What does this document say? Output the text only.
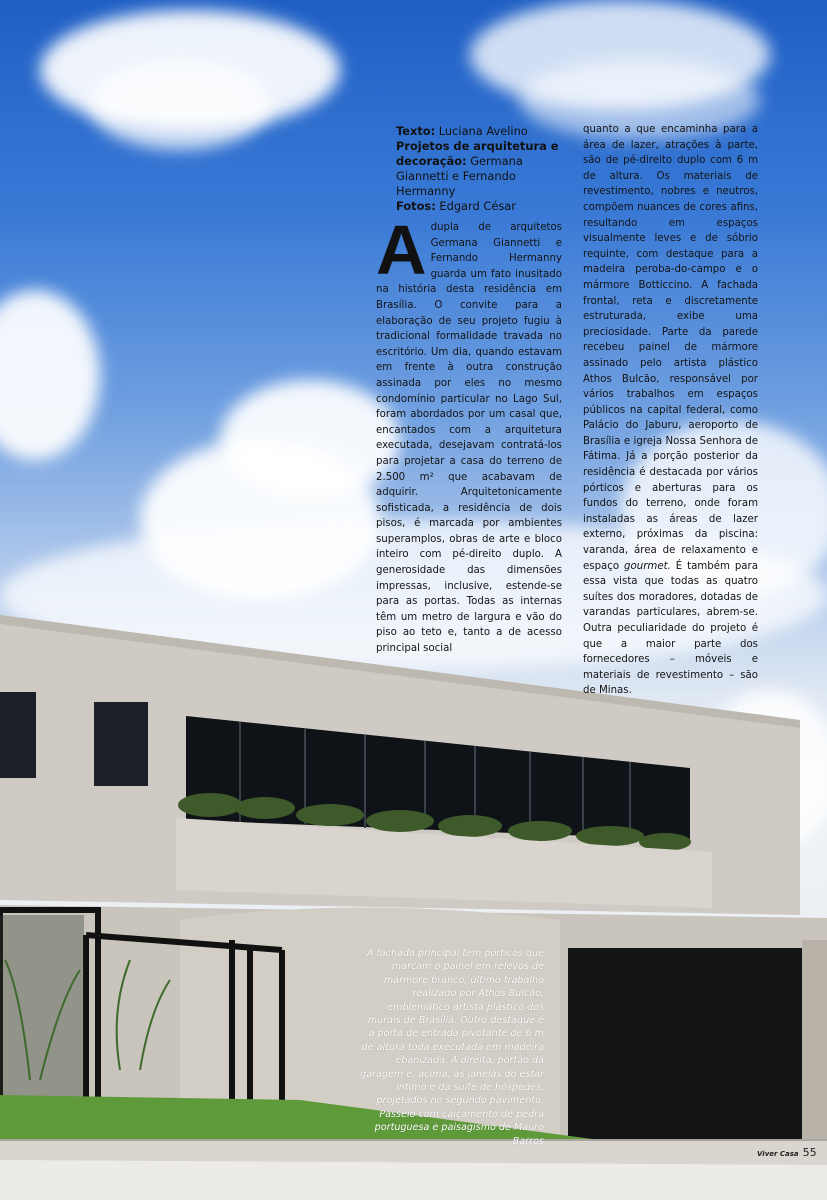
Texto: Luciana Avelino
Projetos de arquitetura e decoração: Germana Giannetti e Fernando Hermanny
Fotos: Edgard César
Adupla de arquitetos Germana Giannetti e Fernando Hermanny guarda um fato inusitado na história desta residência em Brasília. O convite para a elaboração de seu projeto fugiu à tradicional formalidade travada no escritório. Um dia, quando estavam em frente à outra construção assinada por eles no mesmo condomínio particular no Lago Sul, foram abordados por um casal que, encantados com a arquitetura executada, desejavam contratá-los para projetar a casa do terreno de 2.500 m² que acabavam de adquirir. Arquitetonicamente sofisticada, a residência de dois pisos, é marcada por ambientes superamplos, obras de arte e bloco inteiro com pé-direito duplo. A generosidade das dimensões impressas, inclusive, estende-se para as portas. Todas as internas têm um metro de largura e vão do piso ao teto e, tanto a de acesso principal social
quanto a que encaminha para a área de lazer, atrações à parte, são de pé-direito duplo com 6 m de altura. Os materiais de revestimento, nobres e neutros, compõem nuances de cores afins, resultando em espaços visualmente leves e de sóbrio requinte, com destaque para a madeira peroba-do-campo e o mármore Botticcino. A fachada frontal, reta e discretamente estruturada, exibe uma preciosidade. Parte da parede recebeu painel de mármore assinado pelo artista plástico Athos Bulcão, responsável por vários trabalhos em espaços públicos na capital federal, como Palácio do Jaburu, aeroporto de Brasília e igreja Nossa Senhora de Fátima. Já a porção posterior da residência é destacada por vários pórticos e aberturas para os fundos do terreno, onde foram instaladas as áreas de lazer externo, próximas da piscina: varanda, área de relaxamento e espaço gourmet. É também para essa vista que todas as quatro suítes dos moradores, dotadas de varandas particulares, abrem-se. Outra peculiaridade do projeto é que a maior parte dos fornecedores – móveis e materiais de revestimento – são de Minas.
A fachada principal tem pórticos que marcam o painel em relevos de mármore branco, último trabalho realizado por Athos Bulcão, emblemático artista plástico dos murais de Brasília. Outro destaque é a porta de entrada pivotante de 6 m de altura toda executada em madeira ebanizada. À direita, portão da garagem e, acima, as janelas do estar íntimo e da suíte de hóspedes, projetados no segundo pavimento. Passeio com caiçamento de pedra portuguesa e paisagismo de Mauro Barros
Viver Casa 55
